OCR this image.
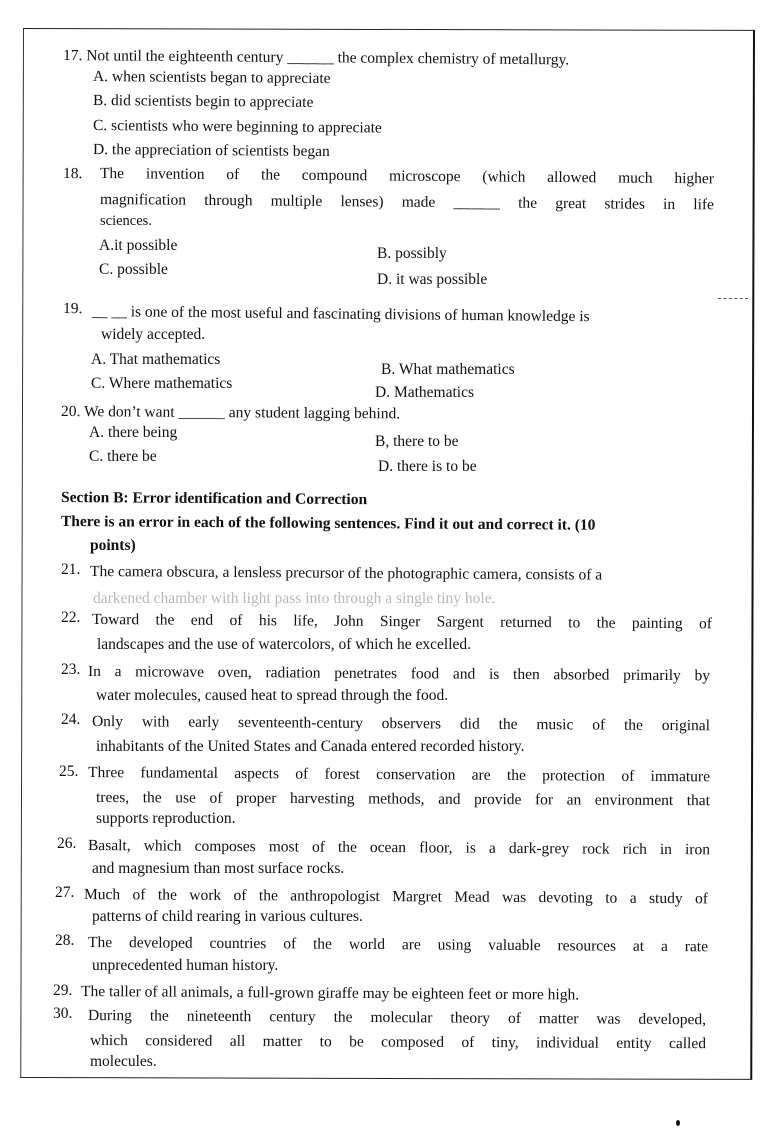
17. Not until the eighteenth century ______ the complex chemistry of metallurgy.
A. when scientists began to appreciate
B. did scientists begin to appreciate
C. scientists who were beginning to appreciate
D. the appreciation of scientists began
18. The invention of the compound microscope (which allowed much higher
magnification through multiple lenses) made ______ the great strides in life
sciences.
A.it possible	B. possibly
C. possible
D. it was possible
19. __ __ is one of the most useful and fascinating divisions of human knowledge is
widely accepted.
A. That mathematics
B. What mathematics
C. Where mathematics
D. Mathematics
20. We don’t want ______ any student lagging behind.
A. there being
B, there to be
C. there be
D. there is to be
Section B: Error identification and Correction
There is an error in each of the following sentences. Find it out and correct it. (10
points)
21. The camera obscura, a lensless precursor of the photographic camera, consists of a
darkened chamber with light pass into through a single tiny hole.
22. Toward the end of his life, John Singer Sargent returned to the painting of
landscapes and the use of watercolors, of which he excelled.
23. In a microwave oven, radiation penetrates food and is then absorbed primarily by
water molecules, caused heat to spread through the food.
24. Only with early seventeenth-century observers did the music of the original
inhabitants of the United States and Canada entered recorded history.
25. Three fundamental aspects of forest conservation are the protection of immature
trees, the use of proper harvesting methods, and provide for an environment that
supports reproduction.
26. Basalt, which composes most of the ocean floor, is a dark-grey rock rich in iron
and magnesium than most surface rocks.
27. Much of the work of the anthropologist Margret Mead was devoting to a study of
patterns of child rearing in various cultures.
28. The developed countries of the world are using valuable resources at a rate
unprecedented human history.
29. The taller of all animals, a full-grown giraffe may be eighteen feet or more high.
30. During the nineteenth century the molecular theory of matter was developed,
which considered all matter to be composed of tiny, individual entity called
molecules.
